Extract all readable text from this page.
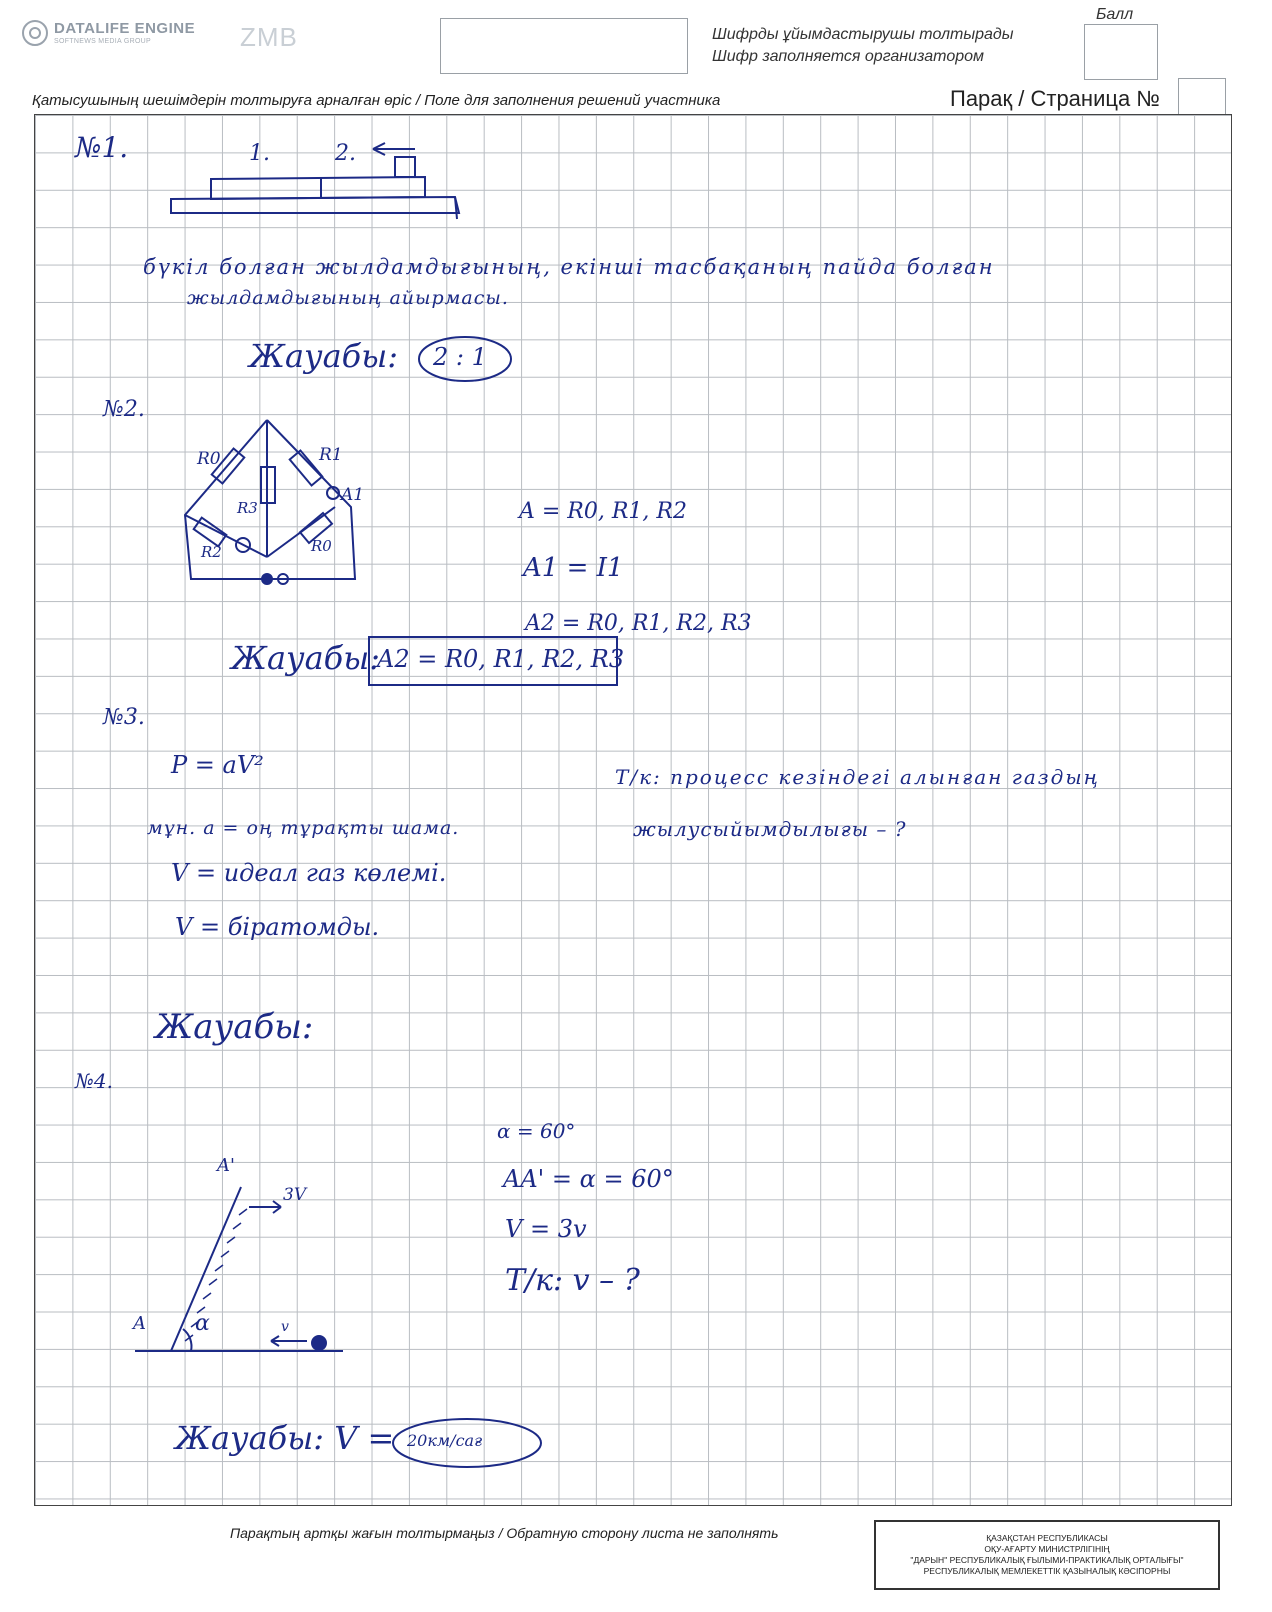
DATALIFE ENGINE
SOFTNEWS MEDIA GROUP	ZMB	Шифрды ұйымдастырушы толтырады
Шифр заполняется организатором
Балл
Қатысушының шешімдерін толтыруға арналған өріс / Поле для заполнения решений участника	Парақ / Страница №
№1.	1.	2.
бүкіл болған жылдамдығының, екінші тасбақаның пайда болған
жылдамдығының айырмасы.
Жауабы: 2 : 1
№2.
R0	R1
A1
R3
R2	R0
A = R0, R1, R2
A1 = I1
A2 = R0, R1, R2, R3
Жауабы:
A2 = R0, R1, R2, R3
№3.
P = aV²
мұн. a = оң тұрақты шама.
V = идеал газ көлемі.
V = біратомды.
Т/к: процесс кезіндегі алынған газдың
жылусыйымдылығы – ?
Жауабы:
№4.
A'
3V
A α	v
α = 60°
AA' = α = 60°
V = 3v
Т/к: v – ?
Жауабы: V = 20км/сағ
Парақтың артқы жағын толтырмаңыз / Обратную сторону листа не заполнять	ҚАЗАҚСТАН РЕСПУБЛИКАСЫ
ОҚУ-АҒАРТУ МИНИСТРЛІГІНІҢ
"ДАРЫН" РЕСПУБЛИКАЛЫҚ ҒЫЛЫМИ-ПРАКТИКАЛЫҚ ОРТАЛЫҒЫ"
РЕСПУБЛИКАЛЫҚ МЕМЛЕКЕТТІК ҚАЗЫНАЛЫҚ КӘСІПОРНЫ
